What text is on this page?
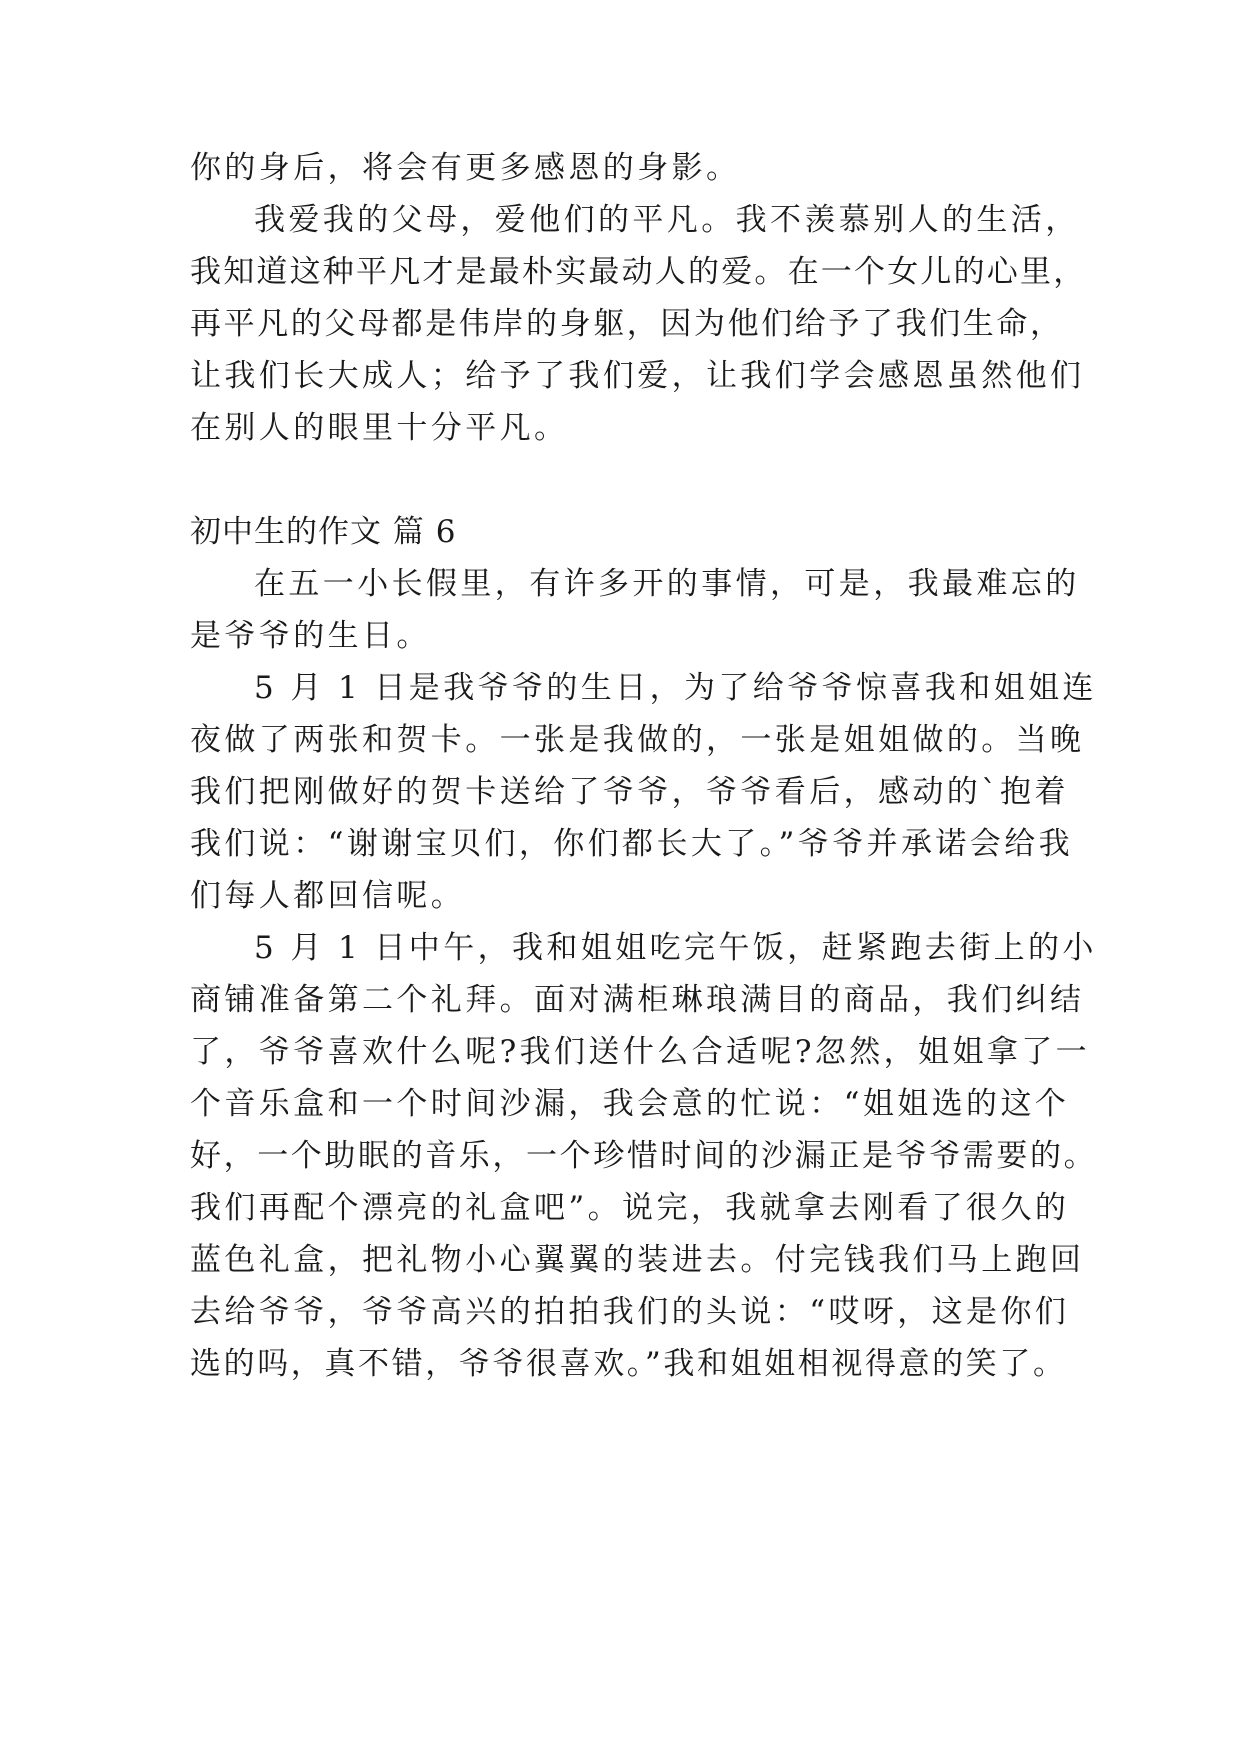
你的身后，将会有更多感恩的身影。
我爱我的父母，爱他们的平凡。我不羡慕别人的生活，
我知道这种平凡才是最朴实最动人的爱。在一个女儿的心里，
再平凡的父母都是伟岸的身躯，因为他们给予了我们生命，
让我们长大成人；给予了我们爱，让我们学会感恩虽然他们
在别人的眼里十分平凡。
初中生的作文 篇 6
在五一小长假里，有许多开的事情，可是，我最难忘的
是爷爷的生日。
5 月 1 日是我爷爷的生日，为了给爷爷惊喜我和姐姐连
夜做了两张和贺卡。一张是我做的，一张是姐姐做的。当晚
我们把刚做好的贺卡送给了爷爷，爷爷看后，感动的`抱着
我们说：“谢谢宝贝们，你们都长大了。”爷爷并承诺会给我
们每人都回信呢。
5 月 1 日中午，我和姐姐吃完午饭，赶紧跑去街上的小
商铺准备第二个礼拜。面对满柜琳琅满目的商品，我们纠结
了，爷爷喜欢什么呢?我们送什么合适呢?忽然，姐姐拿了一
个音乐盒和一个时间沙漏，我会意的忙说：“姐姐选的这个
好，一个助眠的音乐，一个珍惜时间的沙漏正是爷爷需要的。
我们再配个漂亮的礼盒吧”。说完，我就拿去刚看了很久的
蓝色礼盒，把礼物小心翼翼的装进去。付完钱我们马上跑回
去给爷爷，爷爷高兴的拍拍我们的头说：“哎呀，这是你们
选的吗，真不错，爷爷很喜欢。”我和姐姐相视得意的笑了。
